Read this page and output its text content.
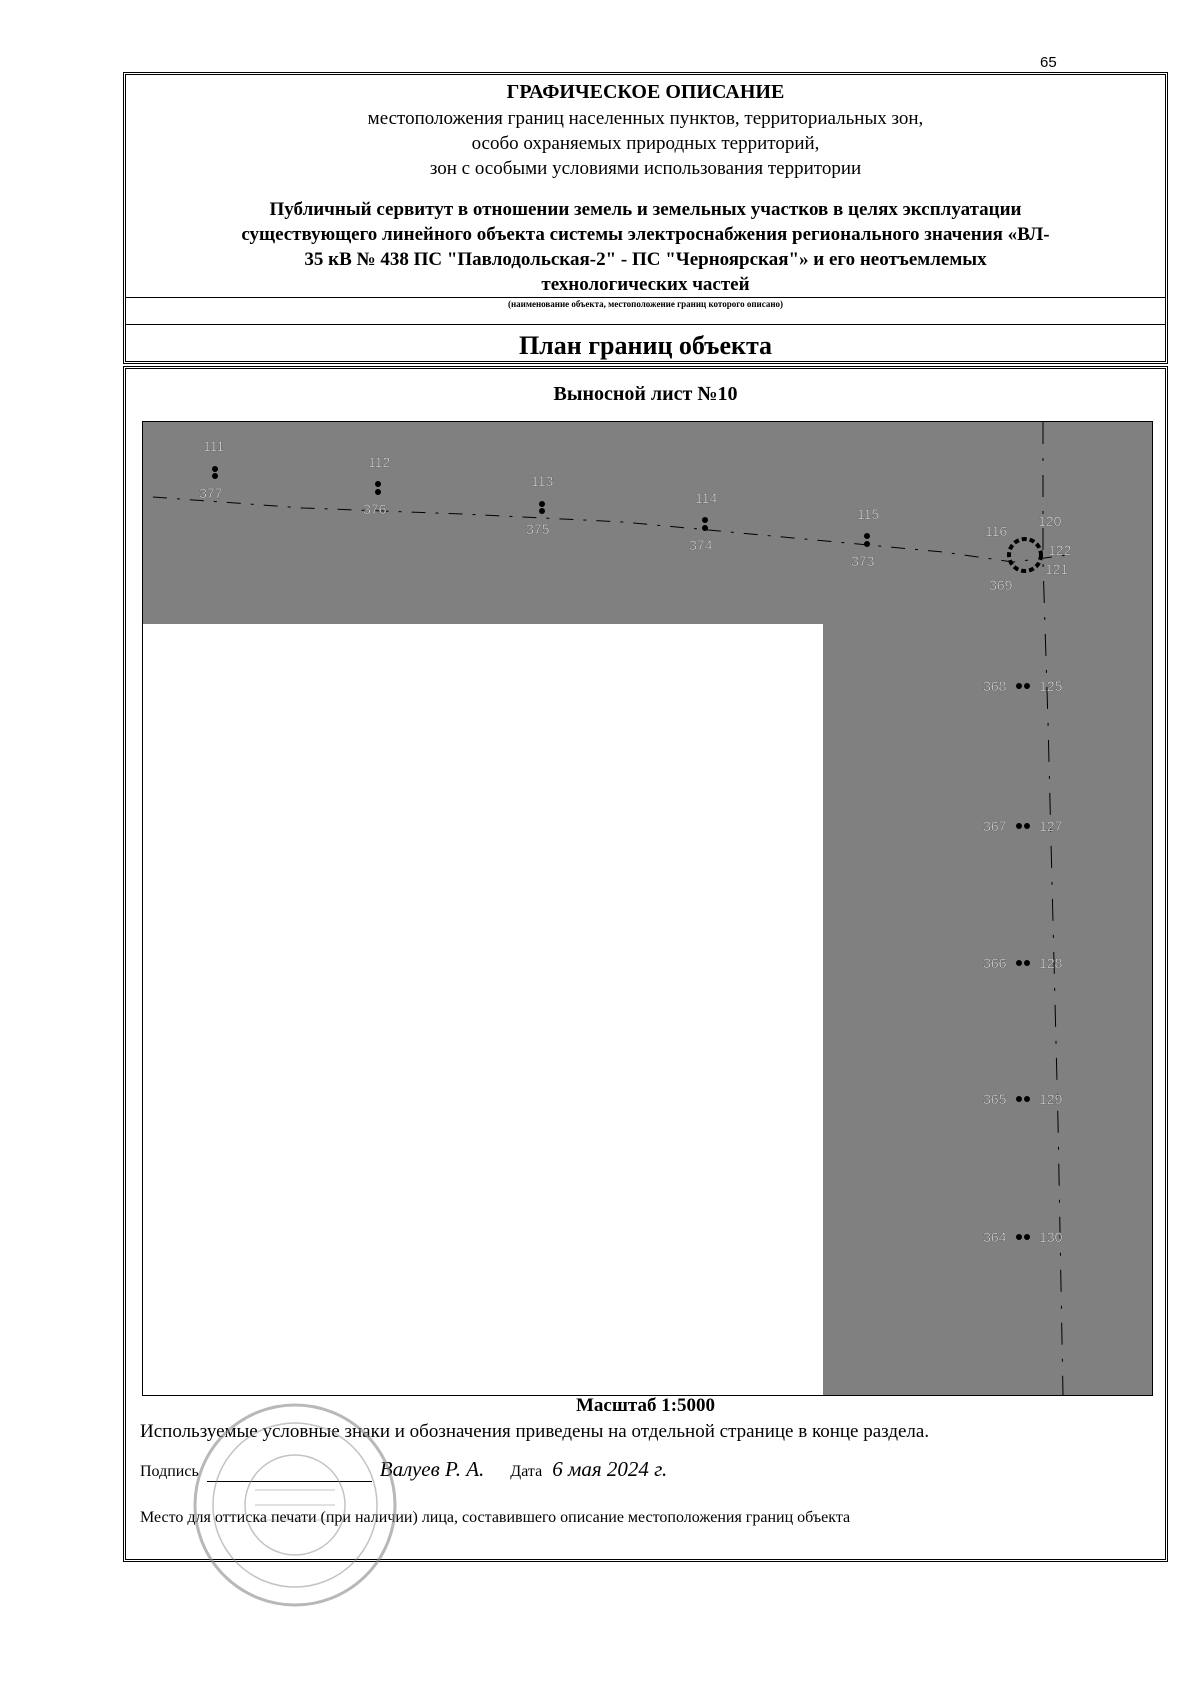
65
ГРАФИЧЕСКОЕ ОПИСАНИЕ
местоположения границ населенных пунктов, территориальных зон,
особо охраняемых природных территорий,
зон с особыми условиями использования территории
Публичный сервитут в отношении земель и земельных участков в целях эксплуатации
существующего линейного объекта системы электроснабжения регионального значения «ВЛ-
35 кВ № 438 ПС "Павлодольская-2" - ПС "Черноярская"» и его неотъемлемых
технологических частей
(наименование объекта, местоположение границ которого описано)
План границ объекта
Выносной лист №10
111
377
112
376
113
375
114
374
115
373
116
369
120
122
121
368 125
367 127
366 128
365 129
364 130
Масштаб 1:5000
Используемые условные знаки и обозначения приведены на отдельной странице в конце раздела.
Подпись	Валуев Р. А. Дата 6 мая 2024 г.
Место для оттиска печати (при наличии) лица, составившего описание местоположения границ объекта
